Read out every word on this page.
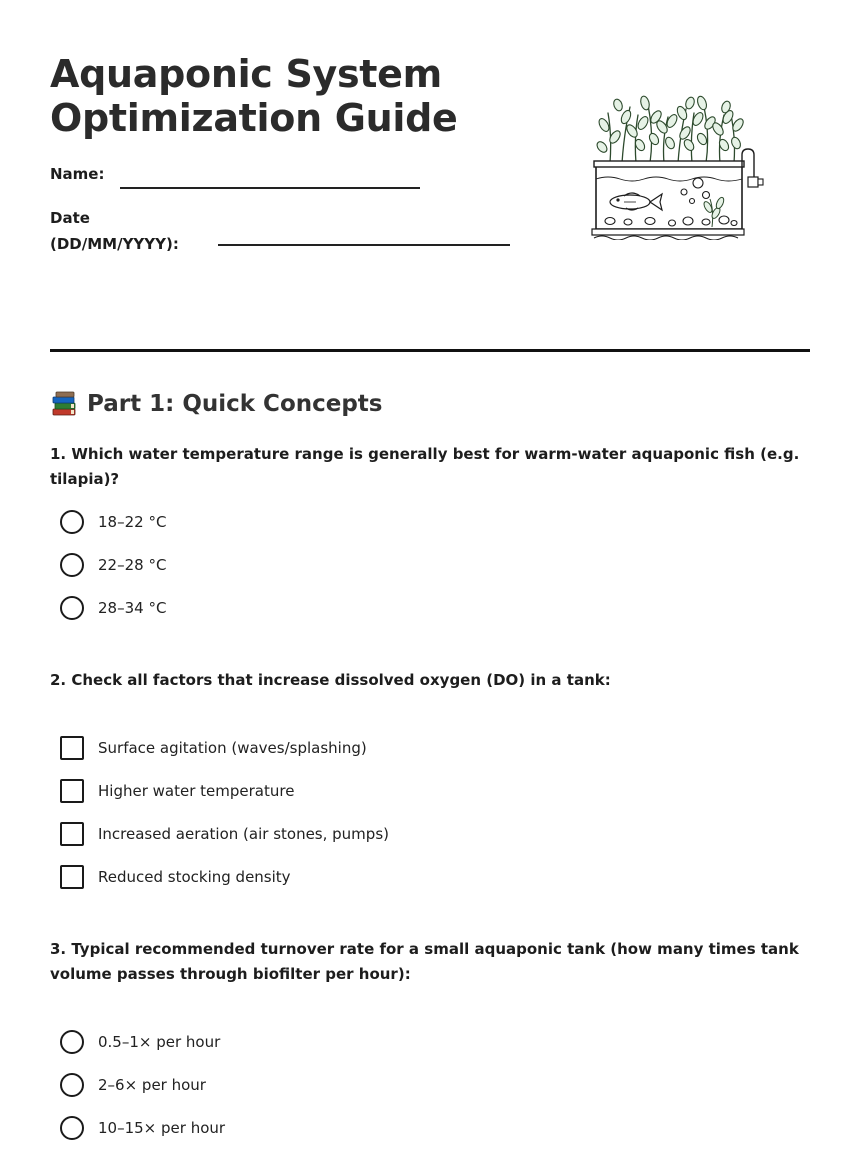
Aquaponic System
Optimization Guide
Name:
Date
(DD/MM/YYYY):
Part 1: Quick Concepts

1. Which water temperature range is generally best for warm-water aquaponic fish (e.g. tilapia)?

18–22 °C
22–28 °C
28–34 °C

2. Check all factors that increase dissolved oxygen (DO) in a tank:

Surface agitation (waves/splashing)
Higher water temperature
Increased aeration (air stones, pumps)
Reduced stocking density

3. Typical recommended turnover rate for a small aquaponic tank (how many times tank volume passes through biofilter per hour):

0.5–1× per hour
2–6× per hour
10–15× per hour
